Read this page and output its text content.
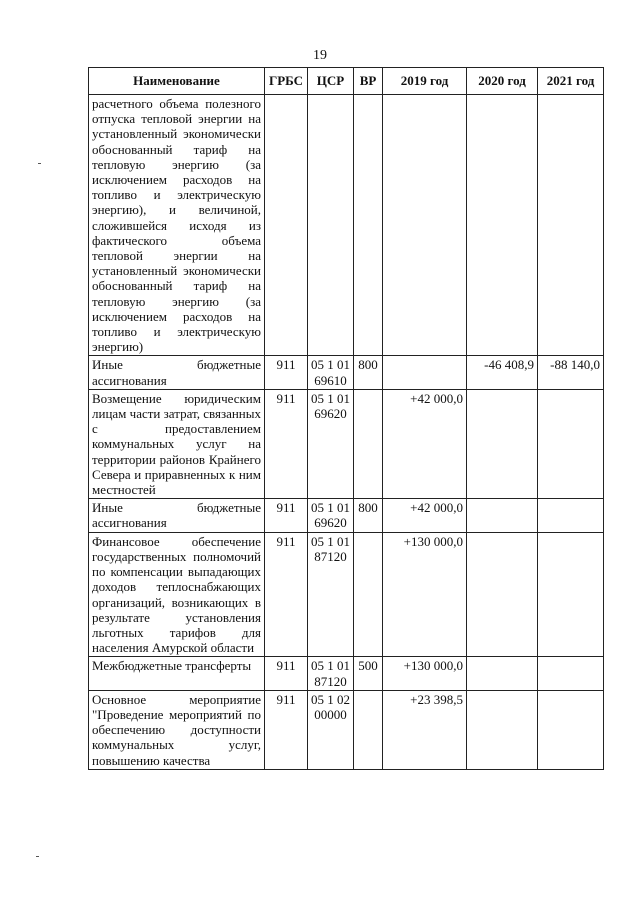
19
Наименование	ГРБС	ЦСР	ВР	2019 год	2020 год	2021 год
расчетного объема полезного отпуска тепловой энергии на установленный экономически обоснованный тариф на тепловую энергию (за исключением расходов на топливо и электрическую энергию), и величиной, сложившейся исходя из фактического объема тепловой энергии на установленный экономически обоснованный тариф на тепловую энергию (за исключением расходов на топливо и электрическую энергию)						
Иные бюджетные ассигнования	911	05 1 01 69610	800		-46 408,9	-88 140,0
Возмещение юридическим лицам части затрат, связанных с предоставлением коммунальных услуг на территории районов Крайнего Севера и приравненных к ним местностей	911	05 1 01 69620		+42 000,0		
Иные бюджетные ассигнования	911	05 1 01 69620	800	+42 000,0		
Финансовое обеспечение государственных полномочий по компенсации выпадающих доходов теплоснабжающих организаций, возникающих в результате установления льготных тарифов для населения Амурской области	911	05 1 01 87120		+130 000,0		
Межбюджетные трансферты	911	05 1 01 87120	500	+130 000,0		
Основное мероприятие "Проведение мероприятий по обеспечению доступности коммунальных услуг, повышению качества	911	05 1 02 00000		+23 398,5		
